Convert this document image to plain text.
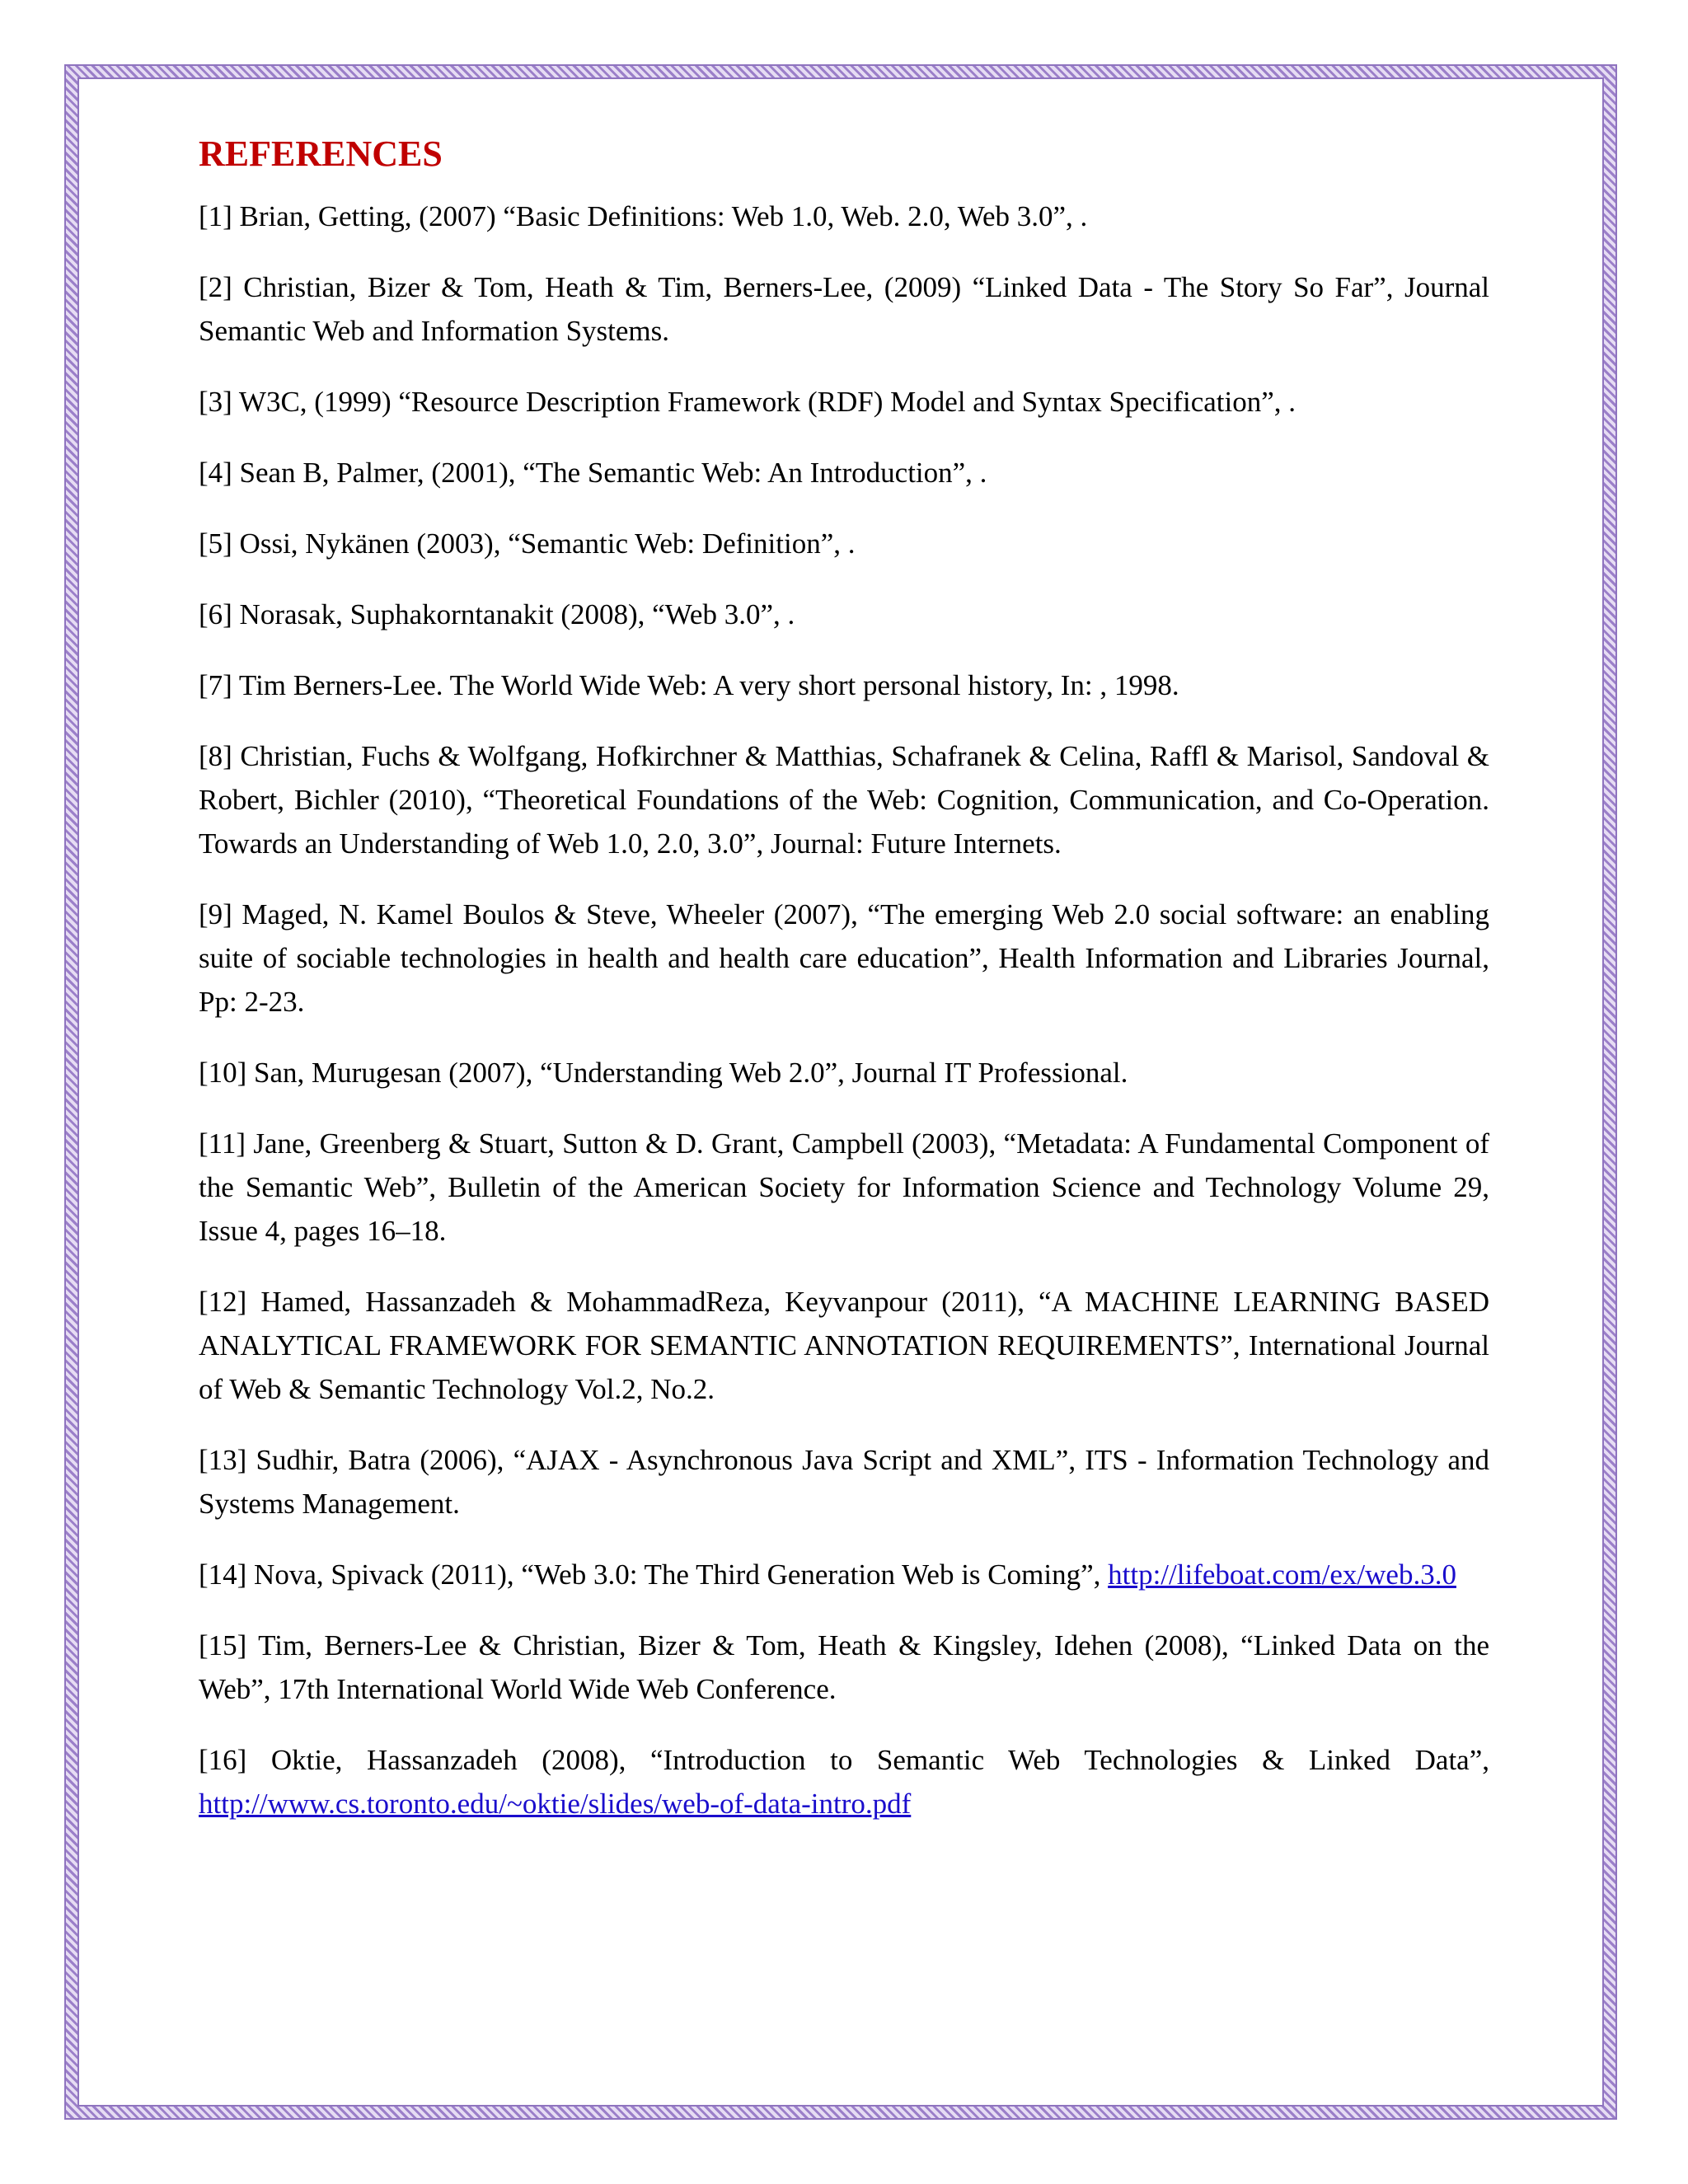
REFERENCES

[1] Brian, Getting, (2007) “Basic Definitions: Web 1.0, Web. 2.0, Web 3.0”, .

[2] Christian, Bizer & Tom, Heath & Tim, Berners-Lee, (2009) “Linked Data - The Story So Far”, Journal Semantic Web and Information Systems.

[3] W3C, (1999) “Resource Description Framework (RDF) Model and Syntax Specification”, .

[4] Sean B, Palmer, (2001), “The Semantic Web: An Introduction”, .

[5] Ossi, Nykänen (2003), “Semantic Web: Definition”, .

[6] Norasak, Suphakorntanakit (2008), “Web 3.0”, .

[7] Tim Berners-Lee. The World Wide Web: A very short personal history, In: , 1998.

[8] Christian, Fuchs & Wolfgang, Hofkirchner & Matthias, Schafranek & Celina, Raffl & Marisol, Sandoval & Robert, Bichler (2010), “Theoretical Foundations of the Web: Cognition, Communication, and Co-Operation. Towards an Understanding of Web 1.0, 2.0, 3.0”, Journal: Future Internets.

[9] Maged, N. Kamel Boulos & Steve, Wheeler (2007), “The emerging Web 2.0 social software: an enabling suite of sociable technologies in health and health care education”, Health Information and Libraries Journal, Pp: 2-23.

[10] San, Murugesan (2007), “Understanding Web 2.0”, Journal IT Professional.

[11] Jane, Greenberg & Stuart, Sutton & D. Grant, Campbell (2003), “Metadata: A Fundamental Component of the Semantic Web”, Bulletin of the American Society for Information Science and Technology Volume 29, Issue 4, pages 16–18.

[12] Hamed, Hassanzadeh & MohammadReza, Keyvanpour (2011), “A MACHINE LEARNING BASED ANALYTICAL FRAMEWORK FOR SEMANTIC ANNOTATION REQUIREMENTS”, International Journal of Web & Semantic Technology Vol.2, No.2.

[13] Sudhir, Batra (2006), “AJAX - Asynchronous Java Script and XML”, ITS - Information Technology and Systems Management.

[14] Nova, Spivack (2011), “Web 3.0: The Third Generation Web is Coming”, http://lifeboat.com/ex/web.3.0

[15] Tim, Berners-Lee & Christian, Bizer & Tom, Heath & Kingsley, Idehen (2008), “Linked Data on the Web”, 17th International World Wide Web Conference.

[16] Oktie, Hassanzadeh (2008), “Introduction to Semantic Web Technologies & Linked Data”, http://www.cs.toronto.edu/~oktie/slides/web-of-data-intro.pdf
